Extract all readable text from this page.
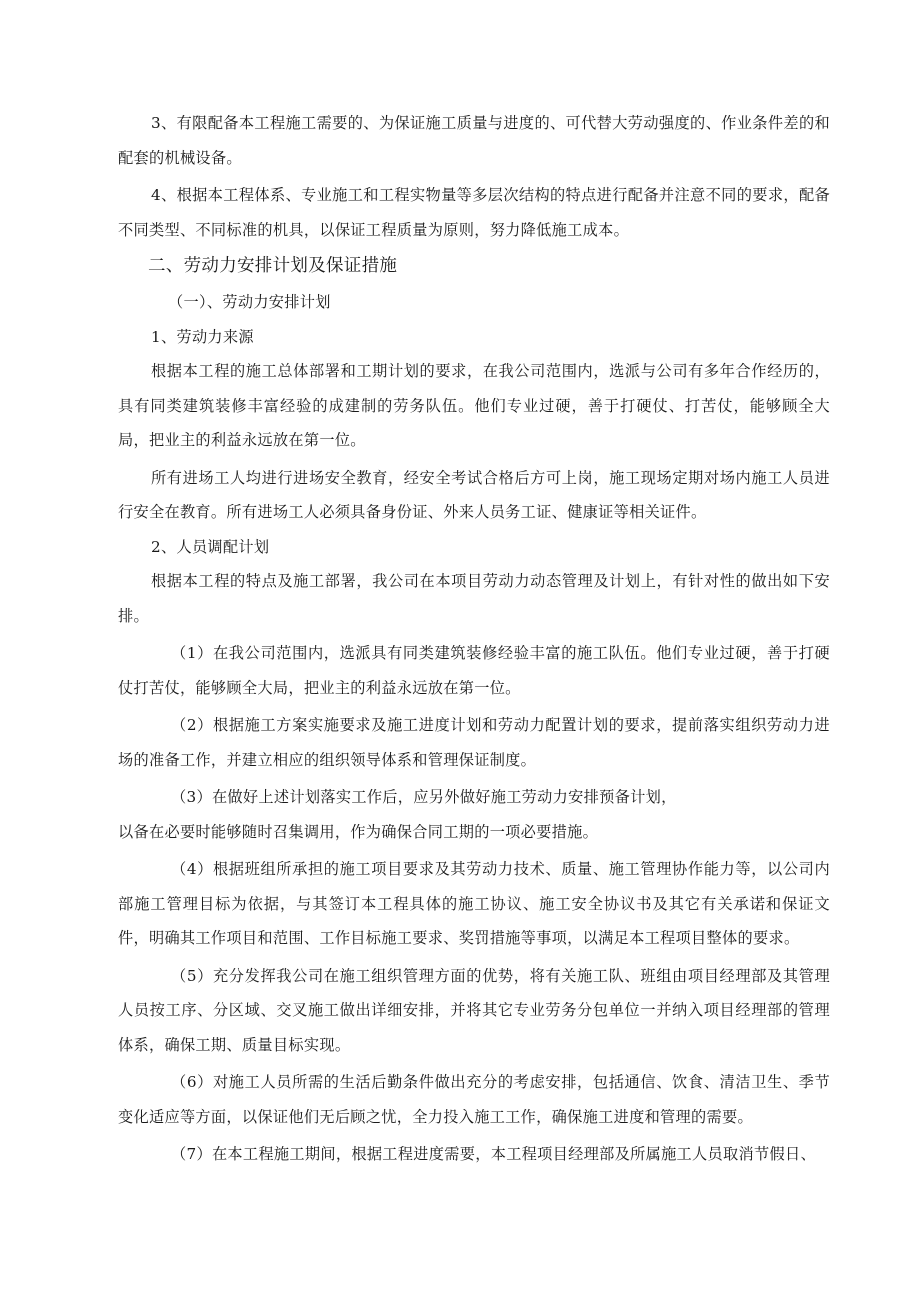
3、有限配备本工程施工需要的、为保证施工质量与进度的、可代替大劳动强度的、作业条件差的和配套的机械设备。

4、根据本工程体系、专业施工和工程实物量等多层次结构的特点进行配备并注意不同的要求，配备不同类型、不同标准的机具，以保证工程质量为原则，努力降低施工成本。

二、劳动力安排计划及保证措施

（一）、劳动力安排计划

1、劳动力来源

根据本工程的施工总体部署和工期计划的要求，在我公司范围内，选派与公司有多年合作经历的，具有同类建筑装修丰富经验的成建制的劳务队伍。他们专业过硬，善于打硬仗、打苦仗，能够顾全大局，把业主的利益永远放在第一位。

所有进场工人均进行进场安全教育，经安全考试合格后方可上岗，施工现场定期对场内施工人员进行安全在教育。所有进场工人必须具备身份证、外来人员务工证、健康证等相关证件。

2、人员调配计划

根据本工程的特点及施工部署，我公司在本项目劳动力动态管理及计划上，有针对性的做出如下安排。

（1）在我公司范围内，选派具有同类建筑装修经验丰富的施工队伍。他们专业过硬，善于打硬仗打苦仗，能够顾全大局，把业主的利益永远放在第一位。

（2）根据施工方案实施要求及施工进度计划和劳动力配置计划的要求，提前落实组织劳动力进场的准备工作，并建立相应的组织领导体系和管理保证制度。

（3）在做好上述计划落实工作后，应另外做好施工劳动力安排预备计划，

以备在必要时能够随时召集调用，作为确保合同工期的一项必要措施。

（4）根据班组所承担的施工项目要求及其劳动力技术、质量、施工管理协作能力等，以公司内部施工管理目标为依据，与其签订本工程具体的施工协议、施工安全协议书及其它有关承诺和保证文件，明确其工作项目和范围、工作目标施工要求、奖罚措施等事项，以满足本工程项目整体的要求。

（5）充分发挥我公司在施工组织管理方面的优势，将有关施工队、班组由项目经理部及其管理人员按工序、分区域、交叉施工做出详细安排，并将其它专业劳务分包单位一并纳入项目经理部的管理体系，确保工期、质量目标实现。

（6）对施工人员所需的生活后勤条件做出充分的考虑安排，包括通信、饮食、清洁卫生、季节变化适应等方面，以保证他们无后顾之忧，全力投入施工工作，确保施工进度和管理的需要。

（7）在本工程施工期间，根据工程进度需要，本工程项目经理部及所属施工人员取消节假日、
